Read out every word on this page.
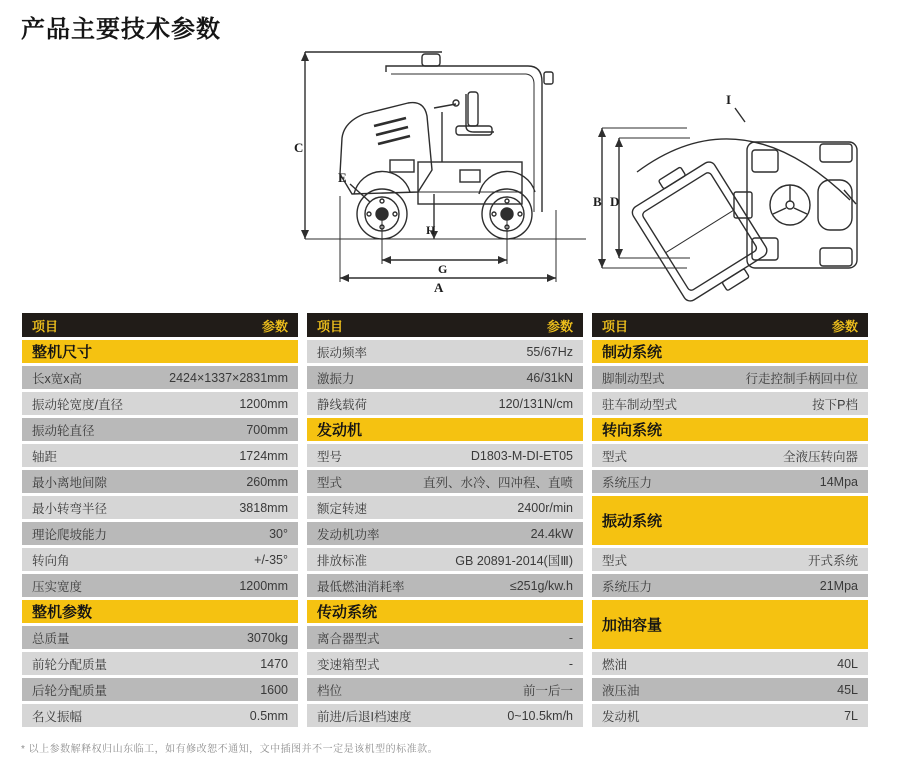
产品主要技术参数
C
E
H
G
A
I
B D
项目	参数
整机尺寸
长x宽x高	2424×1337×2831mm
振动轮宽度/直径	1200mm
振动轮直径	700mm
轴距	1724mm
最小离地间隙	260mm
最小转弯半径	3818mm
理论爬坡能力	30°
转向角	+/-35°
压实宽度	1200mm
整机参数
总质量	3070kg
前轮分配质量	1470
后轮分配质量	1600
名义振幅	0.5mm
项目	参数
振动频率	55/67Hz
激振力	46/31kN
静线载荷	120/131N/cm
发动机
型号	D1803-M-DI-ET05
型式	直列、水冷、四冲程、直喷
额定转速	2400r/min
发动机功率	24.4kW
排放标准	GB 20891-2014(国Ⅲ)
最低燃油消耗率	≤251g/kw.h
传动系统
离合器型式	-
变速箱型式	-
档位	前一后一
前进/后退I档速度	0~10.5km/h
项目	参数
制动系统
脚制动型式	行走控制手柄回中位
驻车制动型式	按下P档
转向系统
型式	全液压转向器
系统压力	14Mpa
振动系统
型式	开式系统
系统压力	21Mpa
加油容量
燃油	40L
液压油	45L
发动机	7L

* 以上参数解释权归山东临工，如有修改恕不通知，文中插图并不一定是该机型的标准款。
